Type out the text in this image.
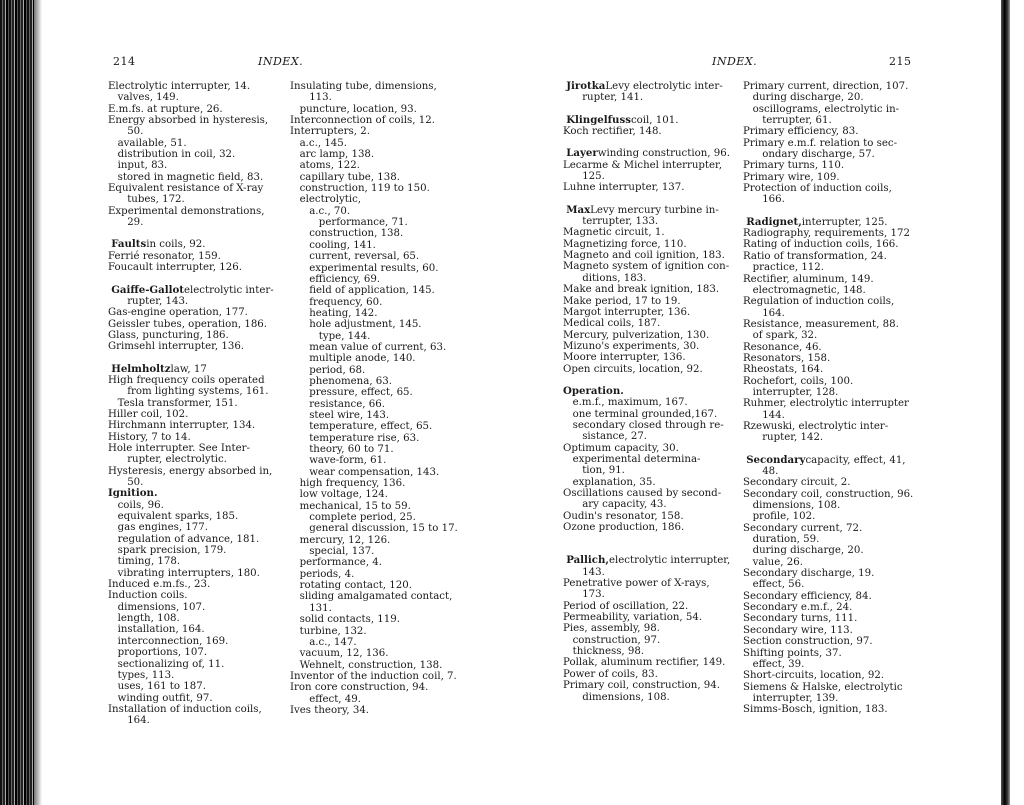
214	INDEX.	INDEX.	215
Electrolytic interrupter, 14.
valves, 149.
E.m.fs. at rupture, 26.
Energy absorbed in hysteresis,
50.
available, 51.
distribution in coil, 32.
input, 83.
stored in magnetic field, 83.
Equivalent resistance of X-ray
tubes, 172.
Experimental demonstrations,
29.
Faultsin coils, 92.
Ferrié resonator, 159.
Foucault interrupter, 126.
Gaiffe-Gallotelectrolytic inter-
rupter, 143.
Gas-engine operation, 177.
Geissler tubes, operation, 186.
Glass, puncturing, 186.
Grimsehl interrupter, 136.
Helmholtzlaw, 17
High frequency coils operated
from lighting systems, 161.
Tesla transformer, 151.
Hiller coil, 102.
Hirchmann interrupter, 134.
History, 7 to 14.
Hole interrupter. See Inter-
rupter, electrolytic.
Hysteresis, energy absorbed in,
50.
Ignition.
coils, 96.
equivalent sparks, 185.
gas engines, 177.
regulation of advance, 181.
spark precision, 179.
timing, 178.
vibrating interrupters, 180.
Induced e.m.fs., 23.
Induction coils.
dimensions, 107.
length, 108.
installation, 164.
interconnection, 169.
proportions, 107.
sectionalizing of, 11.
types, 113.
uses, 161 to 187.
winding outfit, 97.
Installation of induction coils,
164.
Insulating tube, dimensions,
113.
puncture, location, 93.
Interconnection of coils, 12.
Interrupters, 2.
a.c., 145.
arc lamp, 138.
atoms, 122.
capillary tube, 138.
construction, 119 to 150.
electrolytic,
a.c., 70.
performance, 71.
construction, 138.
cooling, 141.
current, reversal, 65.
experimental results, 60.
efficiency, 69.
field of application, 145.
frequency, 60.
heating, 142.
hole adjustment, 145.
type, 144.
mean value of current, 63.
multiple anode, 140.
period, 68.
phenomena, 63.
pressure, effect, 65.
resistance, 66.
steel wire, 143.
temperature, effect, 65.
temperature rise, 63.
theory, 60 to 71.
wave-form, 61.
wear compensation, 143.
high frequency, 136.
low voltage, 124.
mechanical, 15 to 59.
complete period, 25.
general discussion, 15 to 17.
mercury, 12, 126.
special, 137.
performance, 4.
periods, 4.
rotating contact, 120.
sliding amalgamated contact,
131.
solid contacts, 119.
turbine, 132.
a.c., 147.
vacuum, 12, 136.
Wehnelt, construction, 138.
Inventor of the induction coil, 7.
Iron core construction, 94.
effect, 49.
Ives theory, 34.
JirotkaLevy electrolytic inter-
rupter, 141.
Klingelfusscoil, 101.
Koch rectifier, 148.
Layerwinding construction, 96.
Lecarme & Michel interrupter,
125.
Luhne interrupter, 137.
MaxLevy mercury turbine in-
terrupter, 133.
Magnetic circuit, 1.
Magnetizing force, 110.
Magneto and coil ignition, 183.
Magneto system of ignition con-
ditions, 183.
Make and break ignition, 183.
Make period, 17 to 19.
Margot interrupter, 136.
Medical coils, 187.
Mercury, pulverization, 130.
Mizuno's experiments, 30.
Moore interrupter, 136.
Open circuits, location, 92.
Operation.
e.m.f., maximum, 167.
one terminal grounded,167.
secondary closed through re-
sistance, 27.
Optimum capacity, 30.
experimental determina-
tion, 91.
explanation, 35.
Oscillations caused by second-
ary capacity, 43.
Oudin's resonator, 158.
Ozone production, 186.
Pallich,electrolytic interrupter,
143.
Penetrative power of X-rays,
173.
Period of oscillation, 22.
Permeability, variation, 54.
Pies, assembly, 98.
construction, 97.
thickness, 98.
Pollak, aluminum rectifier, 149.
Power of coils, 83.
Primary coil, construction, 94.
dimensions, 108.
Primary current, direction, 107.
during discharge, 20.
oscillograms, electrolytic in-
terrupter, 61.
Primary efficiency, 83.
Primary e.m.f. relation to sec-
ondary discharge, 57.
Primary turns, 110.
Primary wire, 109.
Protection of induction coils,
166.
Radignet,interrupter, 125.
Radiography, requirements, 172
Rating of induction coils, 166.
Ratio of transformation, 24.
practice, 112.
Rectifier, aluminum, 149.
electromagnetic, 148.
Regulation of induction coils,
164.
Resistance, measurement, 88.
of spark, 32.
Resonance, 46.
Resonators, 158.
Rheostats, 164.
Rochefort, coils, 100.
interrupter, 128.
Ruhmer, electrolytic interrupter
144.
Rzewuski, electrolytic inter-
rupter, 142.
Secondarycapacity, effect, 41,
48.
Secondary circuit, 2.
Secondary coil, construction, 96.
dimensions, 108.
profile, 102.
Secondary current, 72.
duration, 59.
during discharge, 20.
value, 26.
Secondary discharge, 19.
effect, 56.
Secondary efficiency, 84.
Secondary e.m.f., 24.
Secondary turns, 111.
Secondary wire, 113.
Section construction, 97.
Shifting points, 37.
effect, 39.
Short-circuits, location, 92.
Siemens & Halske, electrolytic
interrupter, 139.
Simms-Bosch, ignition, 183.
